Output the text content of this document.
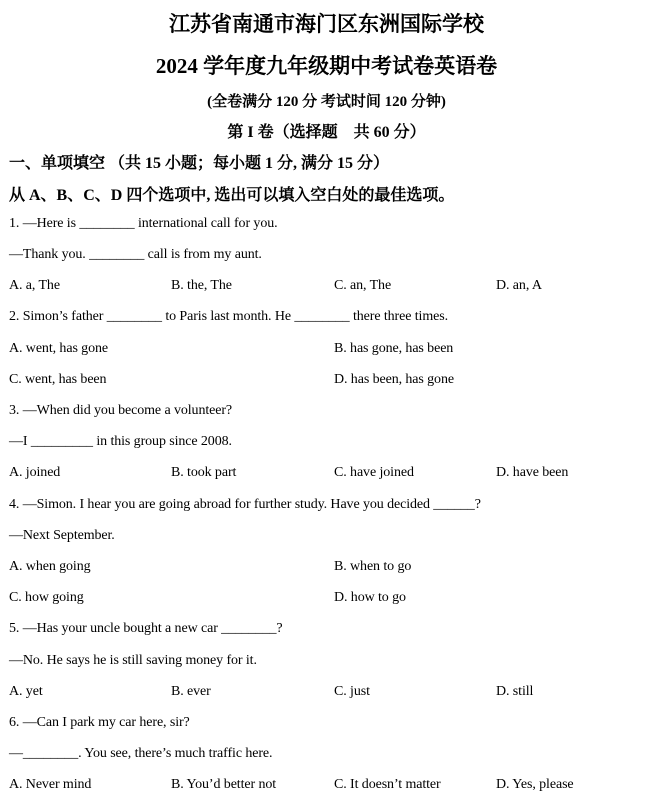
江苏省南通市海门区东洲国际学校
2024 学年度九年级期中考试卷英语卷
(全卷满分 120 分 考试时间 120 分钟)
第 I 卷（选择题　共 60 分）
一、单项填空 （共 15 小题；每小题 1 分, 满分 15 分）
从 A、B、C、D 四个选项中, 选出可以填入空白处的最佳选项。
1. —Here is ________ international call for you.
—Thank you. ________ call is from my aunt.
A. a, The	B. the, The	C. an, The	D. an, A
2. Simon’s father ________ to Paris last month. He ________ there three times.
A. went, has gone	B. has gone, has been
C. went, has been	D. has been, has gone
3. —When did you become a volunteer?
—I _________ in this group since 2008.
A. joined	B. took part	C. have joined	D. have been
4. —Simon. I hear you are going abroad for further study. Have you decided ______?
—Next September.
A. when going	B. when to go
C. how going	D. how to go
5. —Has your uncle bought a new car ________?
—No. He says he is still saving money for it.
A. yet	B. ever	C. just	D. still
6. —Can I park my car here, sir?
—________. You see, there’s much traffic here.
A. Never mind	B. You’d better not	C. It doesn’t matter	D. Yes, please
